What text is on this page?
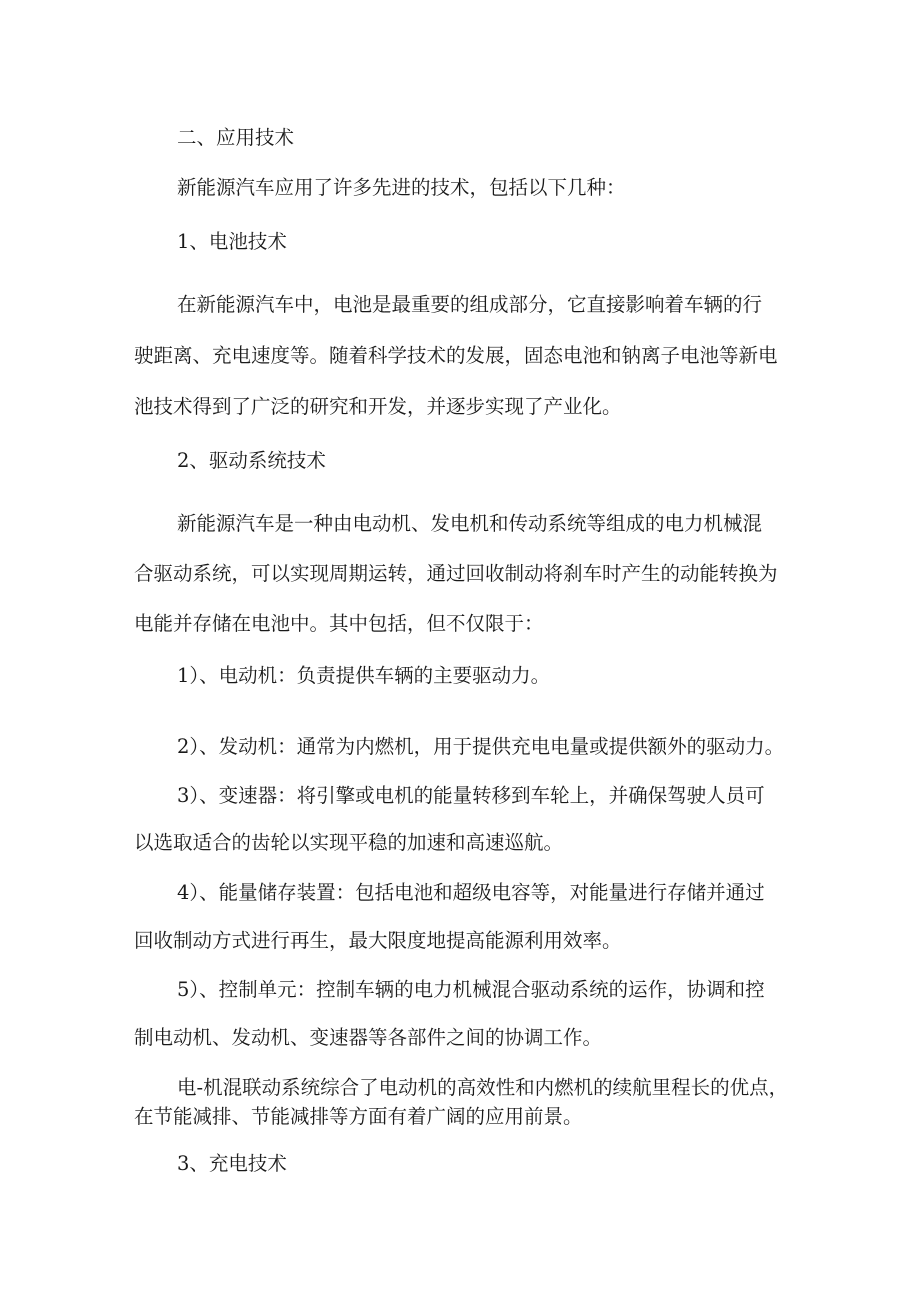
二、应用技术
新能源汽车应用了许多先进的技术，包括以下几种：
1、电池技术
在新能源汽车中，电池是最重要的组成部分，它直接影响着车辆的行
驶距离、充电速度等。随着科学技术的发展，固态电池和钠离子电池等新电
池技术得到了广泛的研究和开发，并逐步实现了产业化。
2、驱动系统技术
新能源汽车是一种由电动机、发电机和传动系统等组成的电力机械混
合驱动系统，可以实现周期运转，通过回收制动将刹车时产生的动能转换为
电能并存储在电池中。其中包括，但不仅限于：
1）、电动机：负责提供车辆的主要驱动力。
2）、发动机：通常为内燃机，用于提供充电电量或提供额外的驱动力。
3）、变速器：将引擎或电机的能量转移到车轮上，并确保驾驶人员可
以选取适合的齿轮以实现平稳的加速和高速巡航。
4）、能量储存装置：包括电池和超级电容等，对能量进行存储并通过
回收制动方式进行再生，最大限度地提高能源利用效率。
5）、控制单元：控制车辆的电力机械混合驱动系统的运作，协调和控
制电动机、发动机、变速器等各部件之间的协调工作。
电-机混联动系统综合了电动机的高效性和内燃机的续航里程长的优点，
在节能减排、节能减排等方面有着广阔的应用前景。
3、充电技术
